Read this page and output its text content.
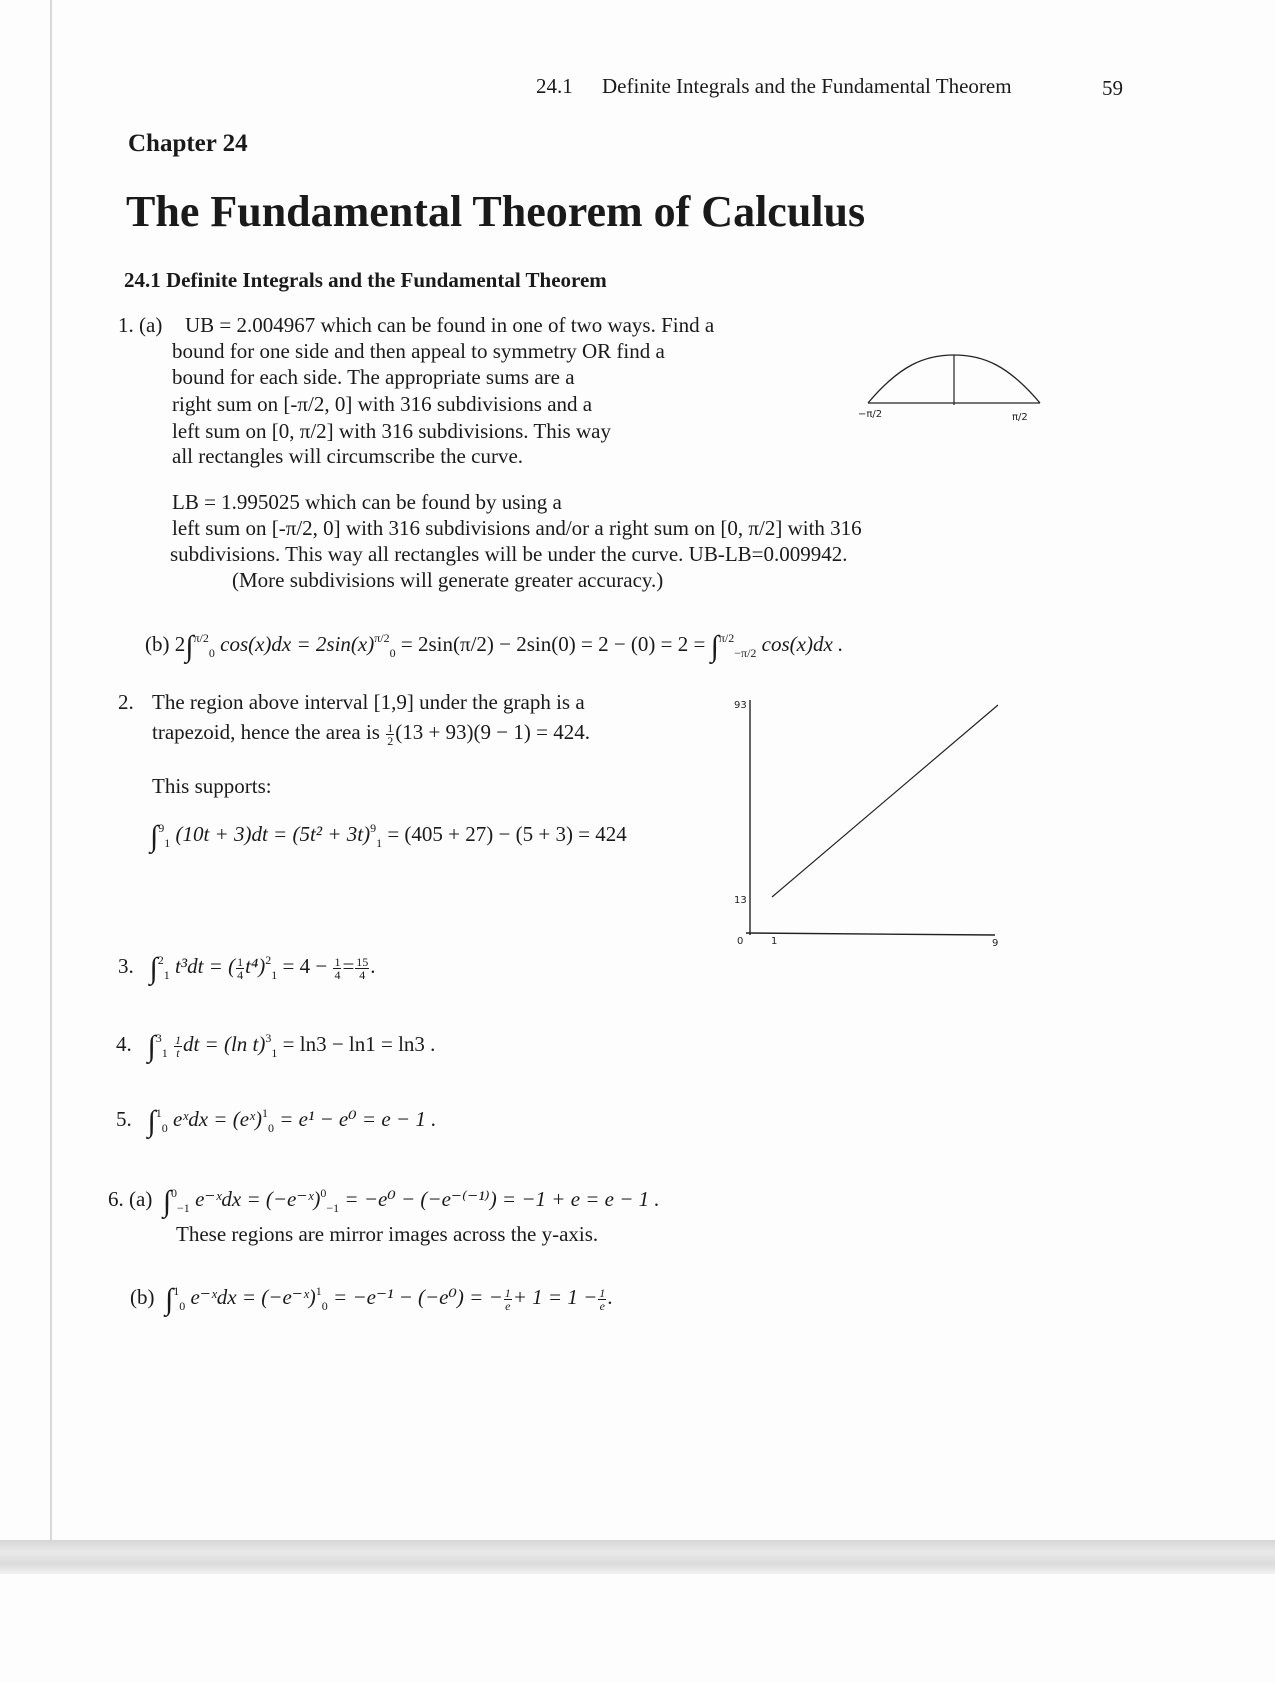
24.1 Definite Integrals and the Fundamental Theorem	59
Chapter 24
The Fundamental Theorem of Calculus
24.1 Definite Integrals and the Fundamental Theorem
1. (a) UB = 2.004967 which can be found in one of two ways. Find a
bound for one side and then appeal to symmetry OR find a
bound for each side. The appropriate sums are a
right sum on [-π/2, 0] with 316 subdivisions and a
left sum on [0, π/2] with 316 subdivisions. This way
all rectangles will circumscribe the curve.
−π/2	π/2
LB = 1.995025 which can be found by using a
left sum on [-π/2, 0] with 316 subdivisions and/or a right sum on [0, π/2] with 316
subdivisions. This way all rectangles will be under the curve. UB-LB=0.009942.
(More subdivisions will generate greater accuracy.)
(b) 2∫$^{\pi/2}_0$ $\cos(x)dx = 2\sin(x)^{\pi/2}_0 = 2\sin(\pi/2) - 2\sin(0) = 2 - (0) = 2 = \int^{\pi/2}_{-\pi/2}$ cos(x)dx .
2. The region above interval [1,9] under the graph is a
trapezoid, hence the area is $\frac{1}{2} (13 + 93)(9 - 1) = 424$.
This supports:
∫$^9_1$ $(10t + 3)dt = (5t^2 + 3t)^9_1 = (405 + 27) - (5 + 3) = 424$
93
13
0	1	9
3. ∫$^2_1$ t³dt = ( $\frac{1}{4} t^4)^2_1 = 4 - \frac{1}{4} = \frac{15}{4}$ .
4. $\int^3_1 \frac{1}{t}$ dt = (ln t)$^3_1$ = ln3 − ln1 = ln3 .
5. ∫$^1_0$ eˣdx = (eˣ)$^1_0$ = e¹ − e⁰ = e − 1 .
6. (a) ∫$^0_{-1}$ e⁻ˣdx = (−e⁻ˣ)$^0_{-1}$ = −e⁰ − (−e⁻⁽⁻¹⁾) = −1 + e = e − 1 .
These regions are mirror images across the y-axis.
(b) ∫$^1_0$ e⁻ˣdx = (−e⁻ˣ)$^1_0$ = −e⁻¹ − (−e⁰) = − $\frac{1}{e} + 1 = 1 - \frac{1}{e}$ .
